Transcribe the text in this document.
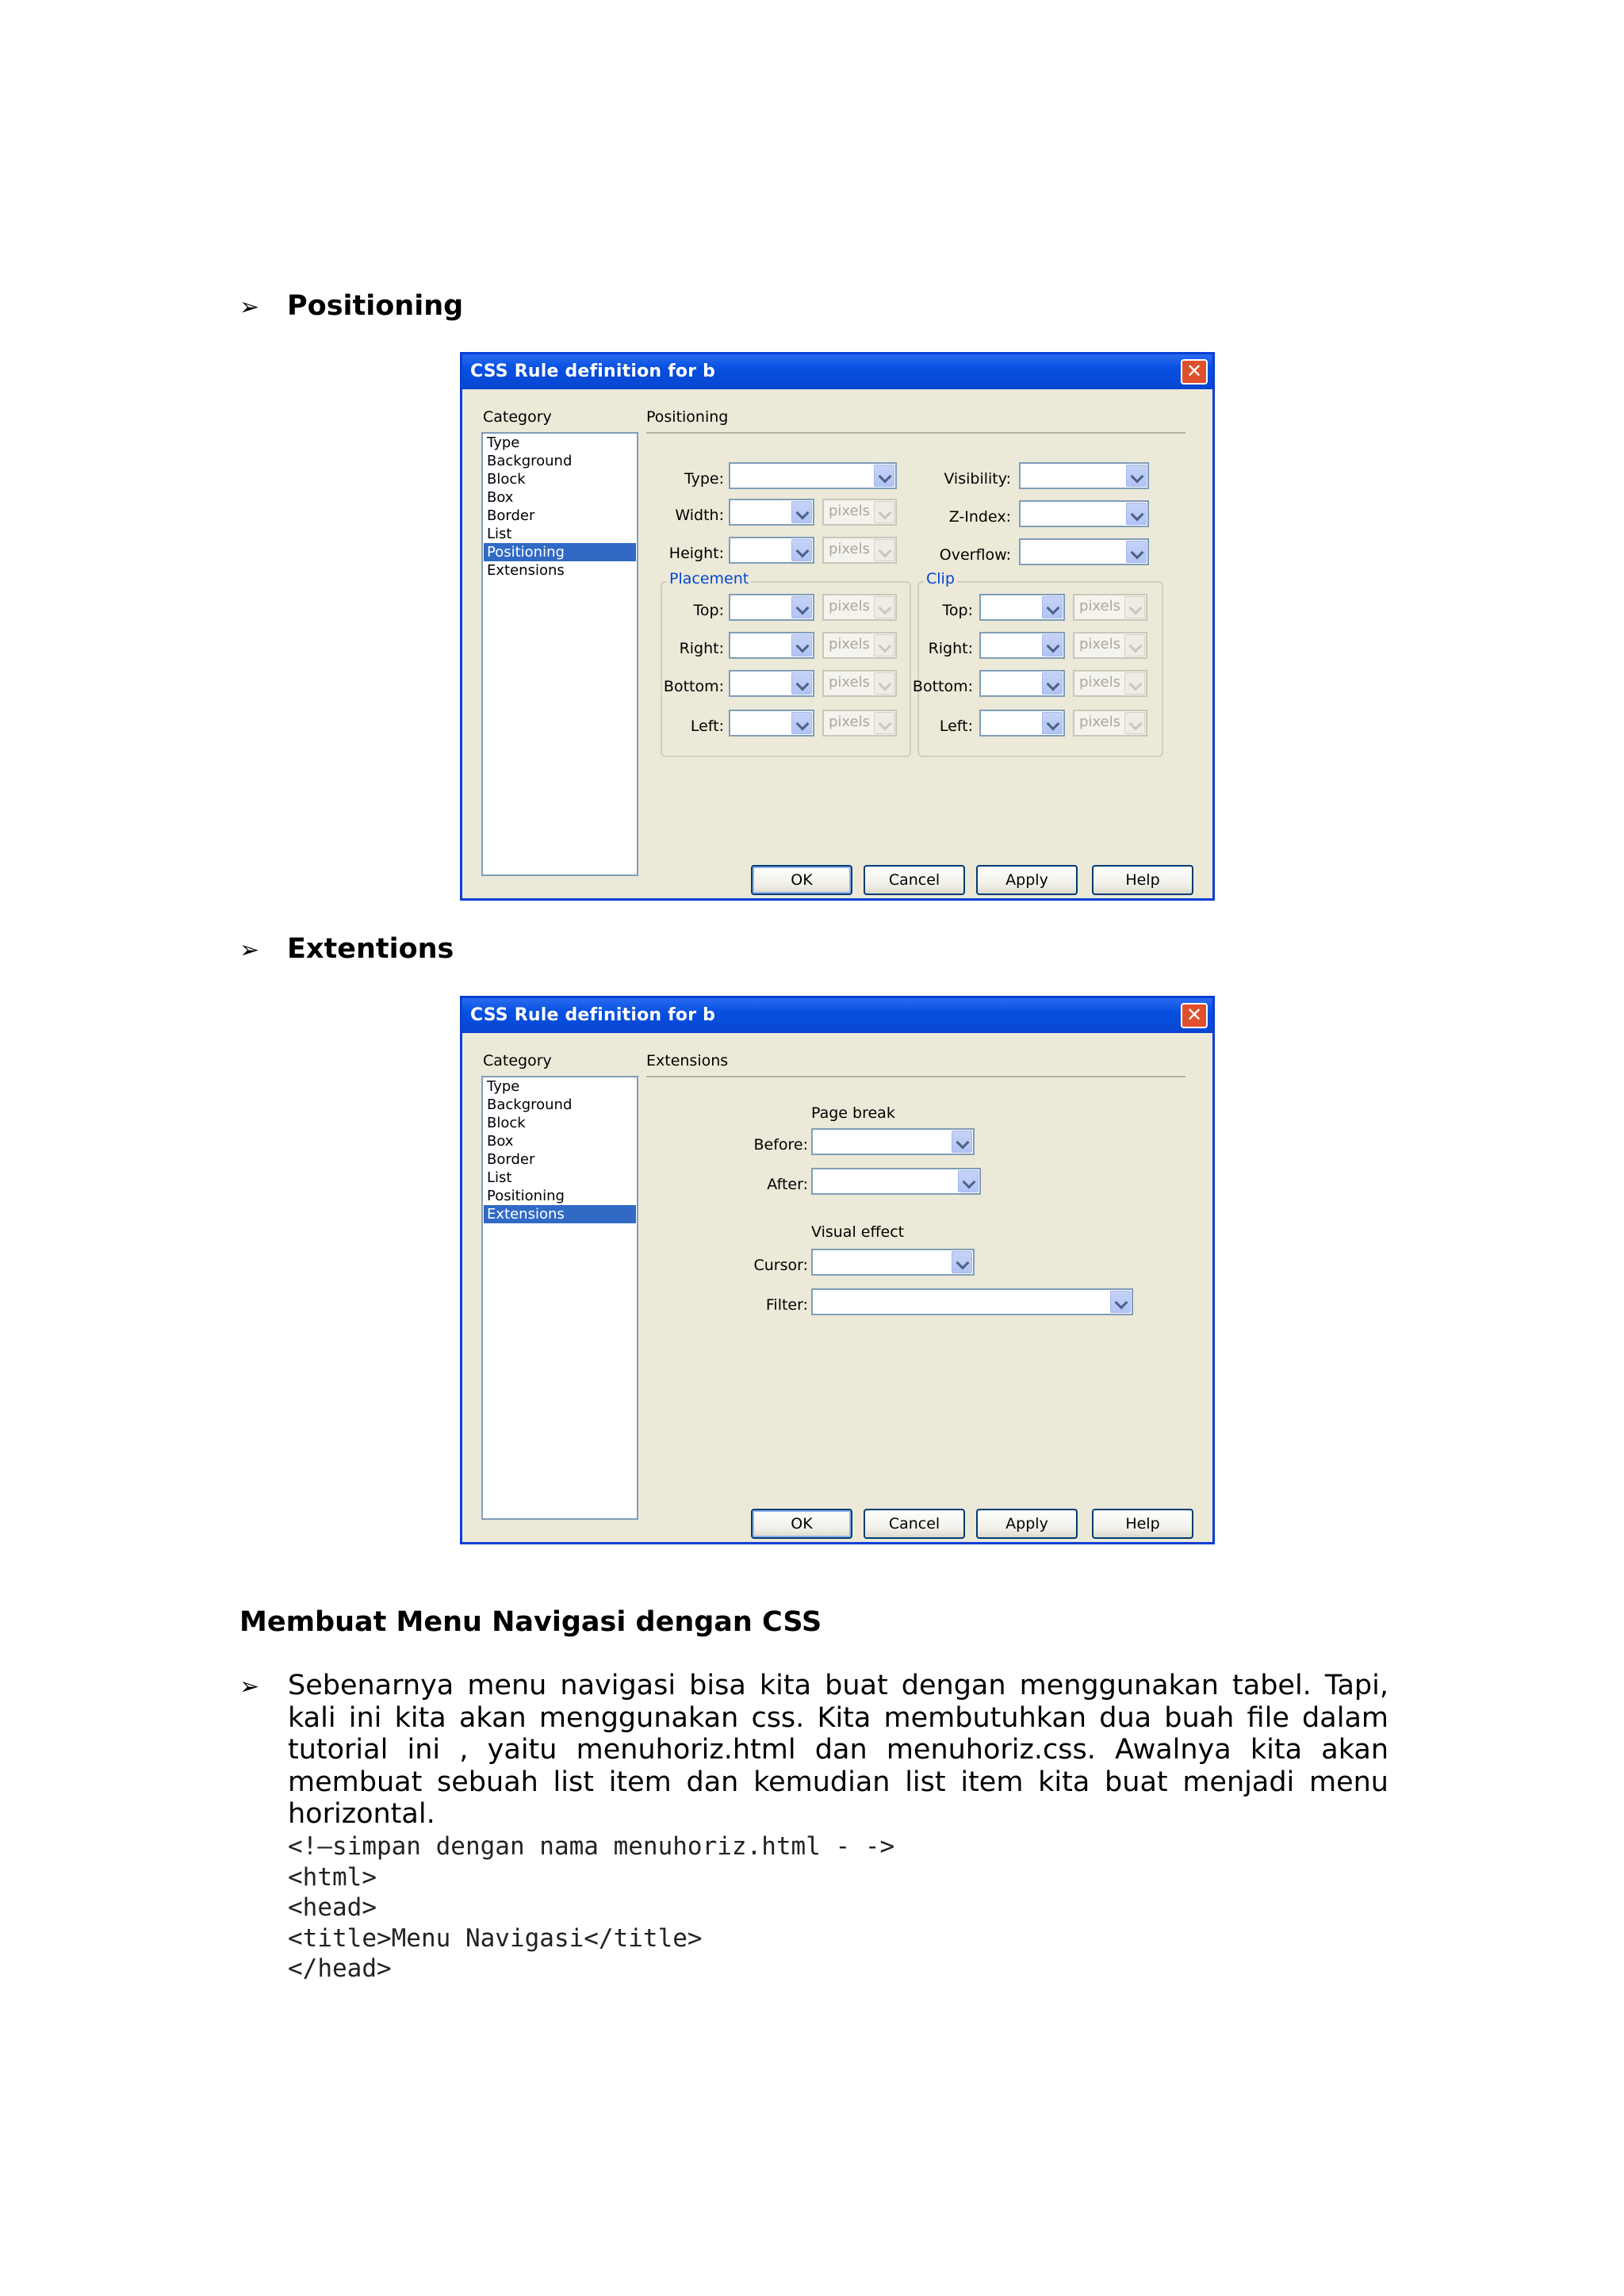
➢ Positioning
CSS Rule definition for b	✕
Category
Type
Background
Block
Box
Border
List
Positioning
Extensions
Positioning
Type:
Width:	pixels
Height:	pixels
Visibility:
Z-Index:
Overflow:
Placement
Top:	pixels
Right:	pixels
Bottom:	pixels
Left:	pixels
Clip
Top:	pixels
Right:	pixels
Bottom:	pixels
Left:	pixels
OK	Cancel	Apply	Help
➢ Extentions
CSS Rule definition for b	✕
Category
Type
Background
Block
Box
Border
List
Positioning
Extensions
Extensions
Page break
Before:
After:
Visual effect
Cursor:
Filter:
OK	Cancel	Apply	Help
Membuat Menu Navigasi dengan CSS
➢ Sebenarnya menu navigasi bisa kita buat dengan menggunakan tabel. Tapi, kali ini kita akan menggunakan css. Kita membutuhkan dua buah file dalam tutorial ini , yaitu menuhoriz.html dan menuhoriz.css. Awalnya kita akan membuat sebuah list item dan kemudian list item kita buat menjadi menu horizontal.
<!—simpan dengan nama menuhoriz.html - ->
<html>
<head>
<title>Menu Navigasi</title>
</head>
